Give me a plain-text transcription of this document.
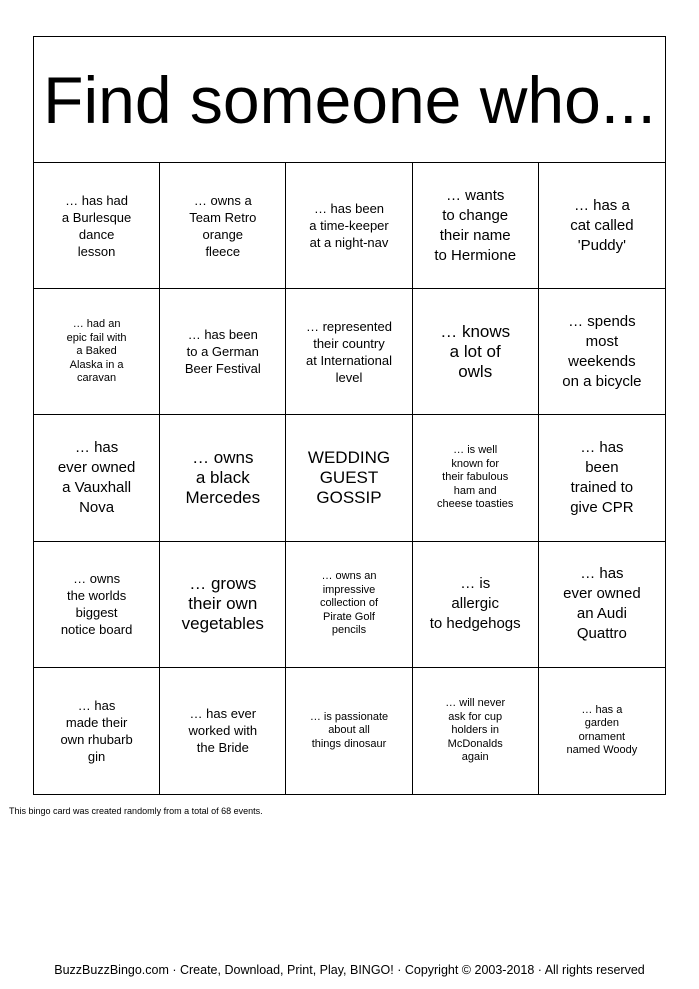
Find someone who...
… has had
a Burlesque
dance
lesson
… owns a
Team Retro
orange
fleece
… has been
a time-keeper
at a night-nav
… wants
to change
their name
to Hermione
… has a
cat called
'Puddy'
… had an
epic fail with
a Baked
Alaska in a
caravan
… has been
to a German
Beer Festival
… represented
their country
at International
level
… knows
a lot of
owls
… spends
most
weekends
on a bicycle
… has
ever owned
a Vauxhall
Nova
… owns
a black
Mercedes
WEDDING
GUEST
GOSSIP
… is well
known for
their fabulous
ham and
cheese toasties
… has
been
trained to
give CPR
… owns
the worlds
biggest
notice board
… grows
their own
vegetables
… owns an
impressive
collection of
Pirate Golf
pencils
… is
allergic
to hedgehogs
… has
ever owned
an Audi
Quattro
… has
made their
own rhubarb
gin
… has ever
worked with
the Bride
… is passionate
about all
things dinosaur
… will never
ask for cup
holders in
McDonalds
again
… has a
garden
ornament
named Woody
This bingo card was created randomly from a total of 68 events.
BuzzBuzzBingo.com · Create, Download, Print, Play, BINGO! · Copyright © 2003-2018 · All rights reserved
